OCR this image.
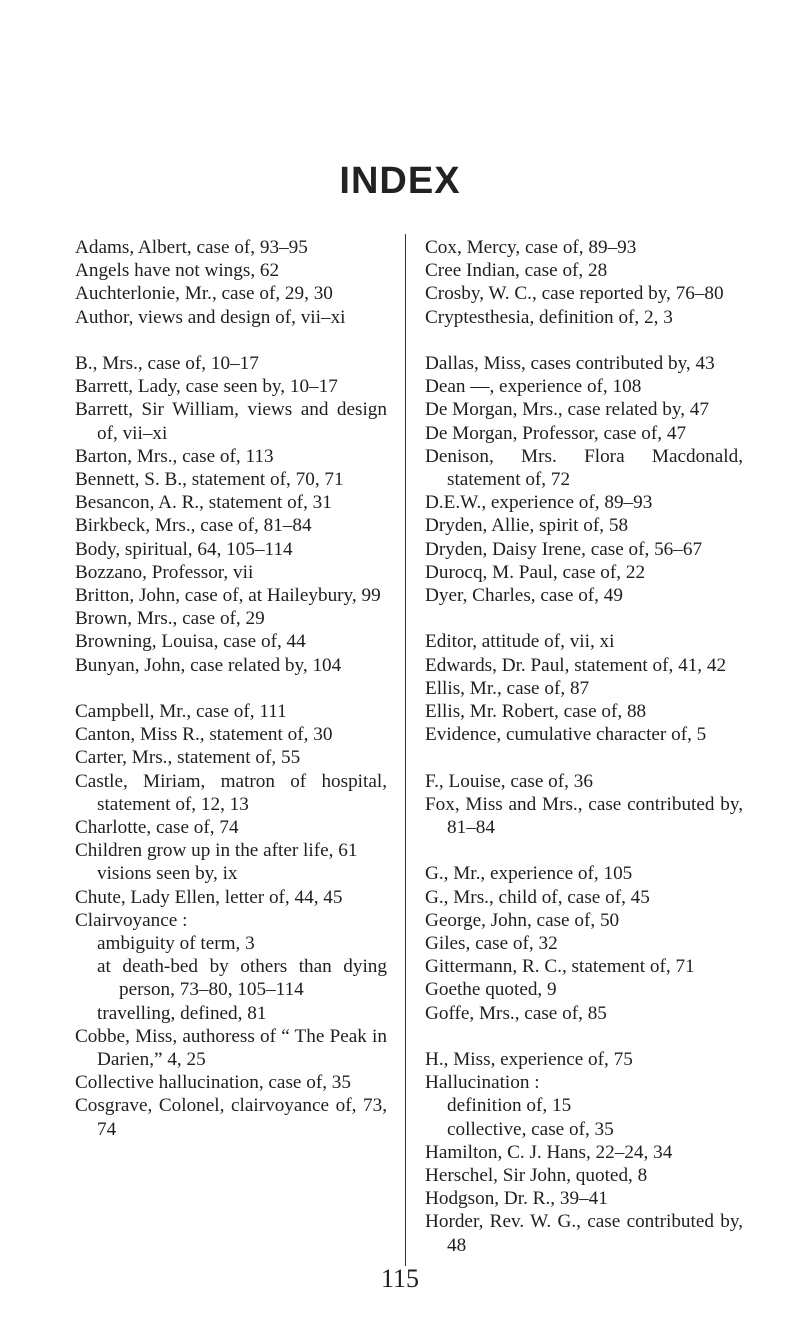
INDEX
Adams, Albert, case of, 93–95
Angels have not wings, 62
Auchterlonie, Mr., case of, 29, 30
Author, views and design of, vii–xi
B., Mrs., case of, 10–17
Barrett, Lady, case seen by, 10–17
Barrett, Sir William, views and design of, vii–xi
Barton, Mrs., case of, 113
Bennett, S. B., statement of, 70, 71
Besancon, A. R., statement of, 31
Birkbeck, Mrs., case of, 81–84
Body, spiritual, 64, 105–114
Bozzano, Professor, vii
Britton, John, case of, at Haileybury, 99
Brown, Mrs., case of, 29
Browning, Louisa, case of, 44
Bunyan, John, case related by, 104
Campbell, Mr., case of, 111
Canton, Miss R., statement of, 30
Carter, Mrs., statement of, 55
Castle, Miriam, matron of hospital, statement of, 12, 13
Charlotte, case of, 74
Children grow up in the after life, 61
visions seen by, ix
Chute, Lady Ellen, letter of, 44, 45
Clairvoyance :
ambiguity of term, 3
at death-bed by others than dying person, 73–80, 105–114
travelling, defined, 81
Cobbe, Miss, authoress of “ The Peak in Darien,” 4, 25
Collective hallucination, case of, 35
Cosgrave, Colonel, clairvoyance of, 73, 74
Cox, Mercy, case of, 89–93
Cree Indian, case of, 28
Crosby, W. C., case reported by, 76–80
Cryptesthesia, definition of, 2, 3
Dallas, Miss, cases contributed by, 43
Dean —, experience of, 108
De Morgan, Mrs., case related by, 47
De Morgan, Professor, case of, 47
Denison, Mrs. Flora Macdonald, statement of, 72
D.E.W., experience of, 89–93
Dryden, Allie, spirit of, 58
Dryden, Daisy Irene, case of, 56–67
Durocq, M. Paul, case of, 22
Dyer, Charles, case of, 49
Editor, attitude of, vii, xi
Edwards, Dr. Paul, statement of, 41, 42
Ellis, Mr., case of, 87
Ellis, Mr. Robert, case of, 88
Evidence, cumulative character of, 5
F., Louise, case of, 36
Fox, Miss and Mrs., case contributed by, 81–84
G., Mr., experience of, 105
G., Mrs., child of, case of, 45
George, John, case of, 50
Giles, case of, 32
Gittermann, R. C., statement of, 71
Goethe quoted, 9
Goffe, Mrs., case of, 85
H., Miss, experience of, 75
Hallucination :
definition of, 15
collective, case of, 35
Hamilton, C. J. Hans, 22–24, 34
Herschel, Sir John, quoted, 8
Hodgson, Dr. R., 39–41
Horder, Rev. W. G., case contributed by, 48
115
